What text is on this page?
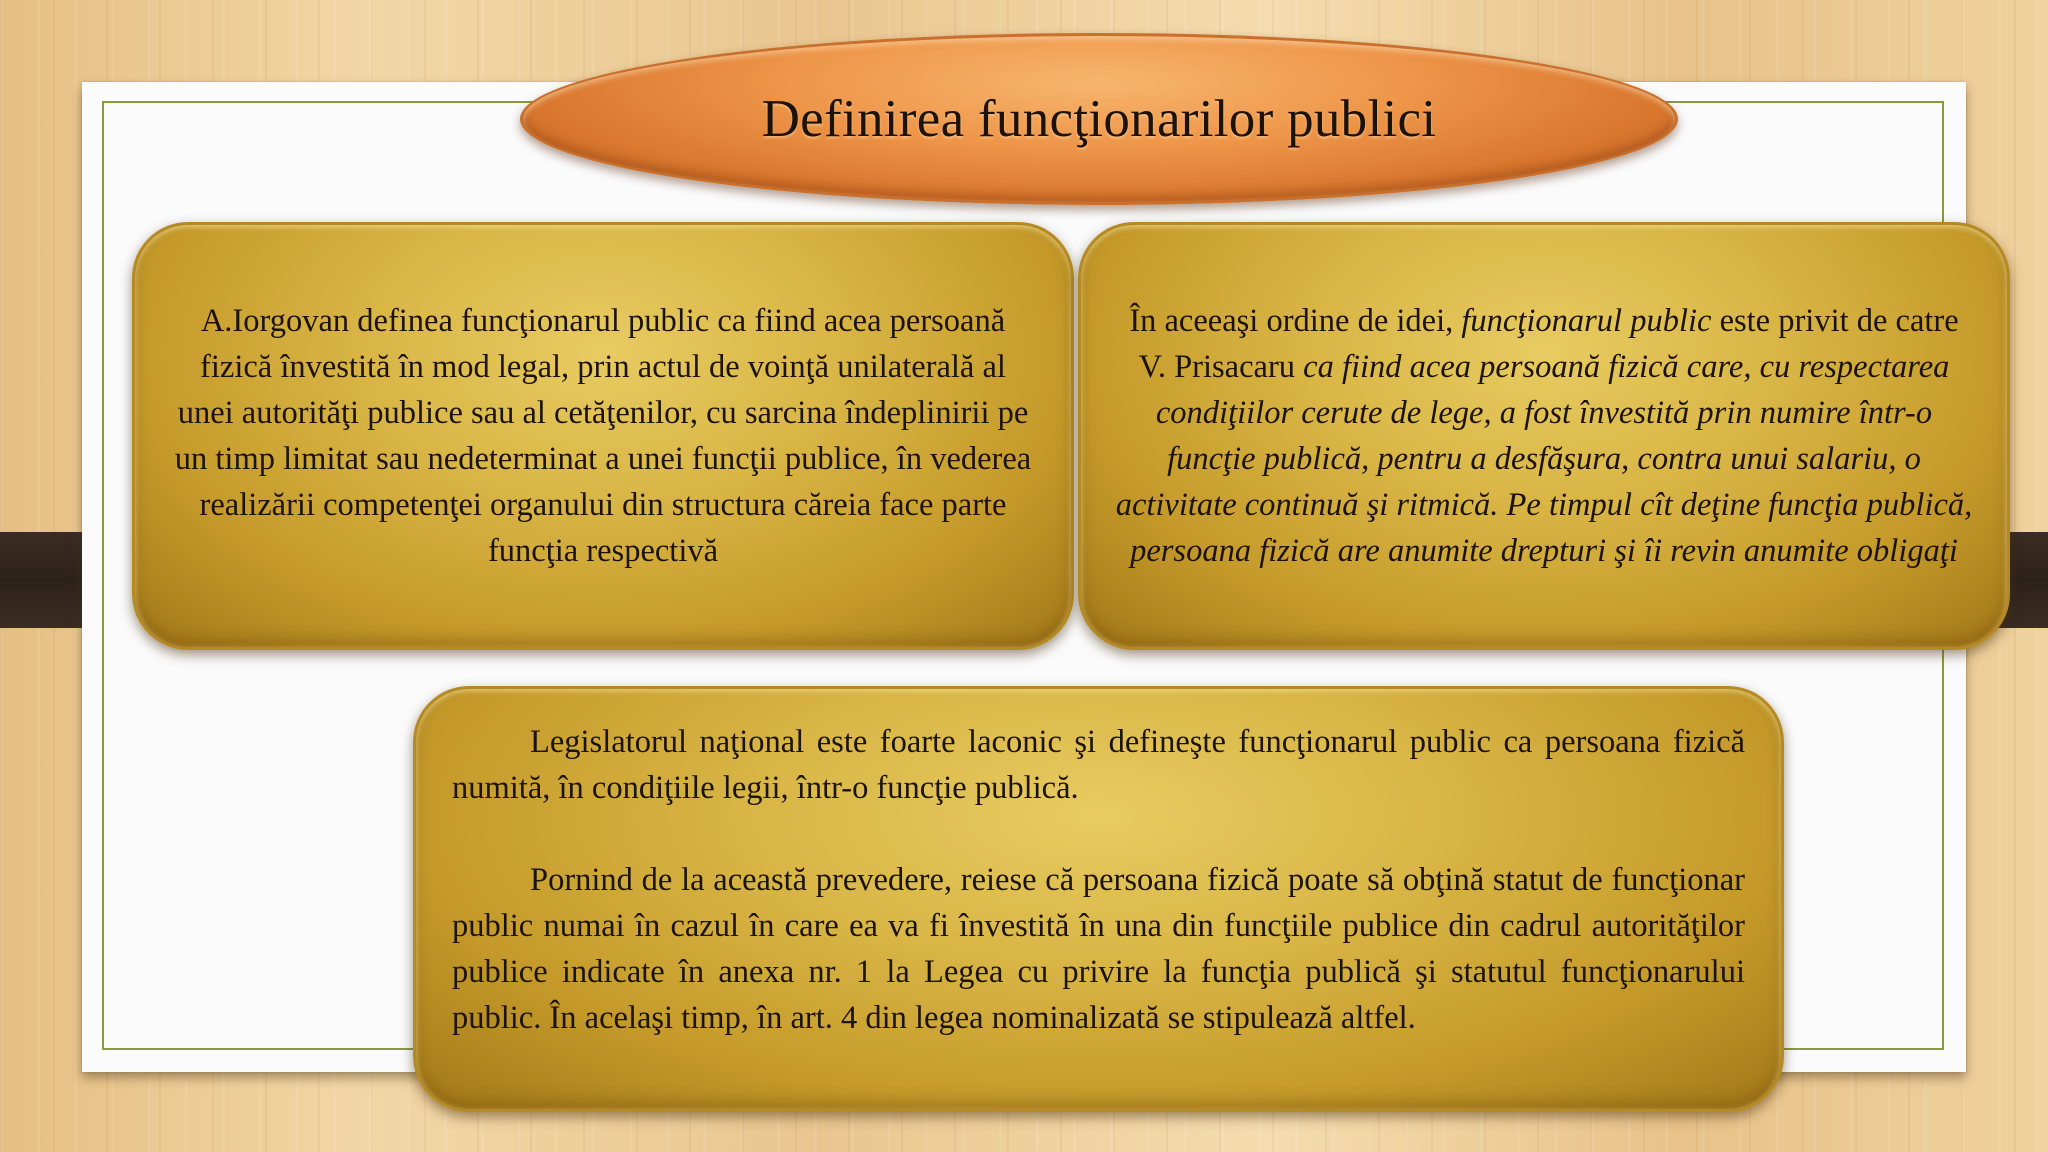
Definirea funcţionarilor publici

A.Iorgovan definea funcţionarul public ca fiind acea persoană fizică învestită în mod legal, prin actul de voinţă unilaterală al unei autorităţi publice sau al cetăţenilor, cu sarcina îndeplinirii pe un timp limitat sau nedeterminat a unei funcţii publice, în vederea realizării competenţei organului din structura căreia face parte funcţia respectivă

În aceeaşi ordine de idei, funcţionarul public este privit de catre V. Prisacaru ca fiind acea persoană fizică care, cu respectarea condiţiilor cerute de lege, a fost învestită prin numire într-o funcţie publică, pentru a desfăşura, contra unui salariu, o activitate continuă şi ritmică. Pe timpul cît deţine funcţia publică, persoana fizică are anumite drepturi şi îi revin anumite obligaţi

Legislatorul naţional este foarte laconic şi defineşte funcţionarul public ca persoana fizică numită, în condiţiile legii, într-o funcţie publică.

Pornind de la această prevedere, reiese că persoana fizică poate să obţină statut de funcţionar public numai în cazul în care ea va fi învestită în una din funcţiile publice din cadrul autorităţilor publice indicate în anexa nr. 1 la Legea cu privire la funcţia publică şi statutul funcţionarului public. În acelaşi timp, în art. 4 din legea nominalizată se stipulează altfel.
